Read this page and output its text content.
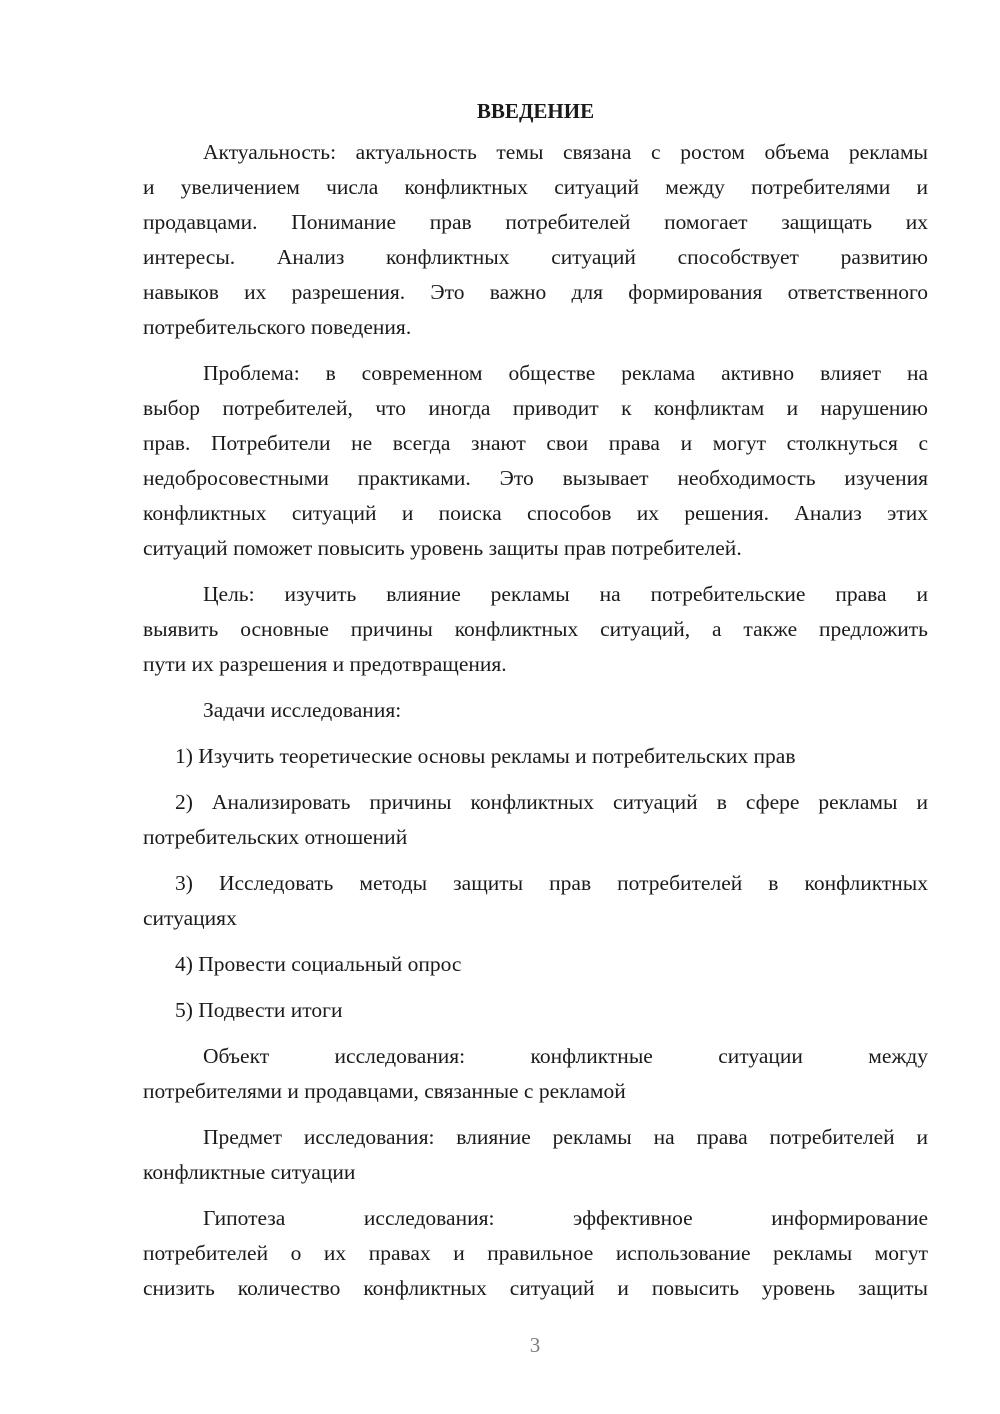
ВВЕДЕНИЕ
Актуальность: актуальность темы связана с ростом объема рекламы
и увеличением числа конфликтных ситуаций между потребителями и
продавцами. Понимание прав потребителей помогает защищать их
интересы. Анализ конфликтных ситуаций способствует развитию
навыков их разрешения. Это важно для формирования ответственного
потребительского поведения.
Проблема: в современном обществе реклама активно влияет на
выбор потребителей, что иногда приводит к конфликтам и нарушению
прав. Потребители не всегда знают свои права и могут столкнуться с
недобросовестными практиками. Это вызывает необходимость изучения
конфликтных ситуаций и поиска способов их решения. Анализ этих
ситуаций поможет повысить уровень защиты прав потребителей.
Цель: изучить влияние рекламы на потребительские права и
выявить основные причины конфликтных ситуаций, а также предложить
пути их разрешения и предотвращения.
Задачи исследования:
1) Изучить теоретические основы рекламы и потребительских прав
2) Анализировать причины конфликтных ситуаций в сфере рекламы и
потребительских отношений
3) Исследовать методы защиты прав потребителей в конфликтных
ситуациях
4) Провести социальный опрос
5) Подвести итоги
Объект исследования: конфликтные ситуации между
потребителями и продавцами, связанные с рекламой
Предмет исследования: влияние рекламы на права потребителей и
конфликтные ситуации
Гипотеза исследования: эффективное информирование
потребителей о их правах и правильное использование рекламы могут
снизить количество конфликтных ситуаций и повысить уровень защиты
3
